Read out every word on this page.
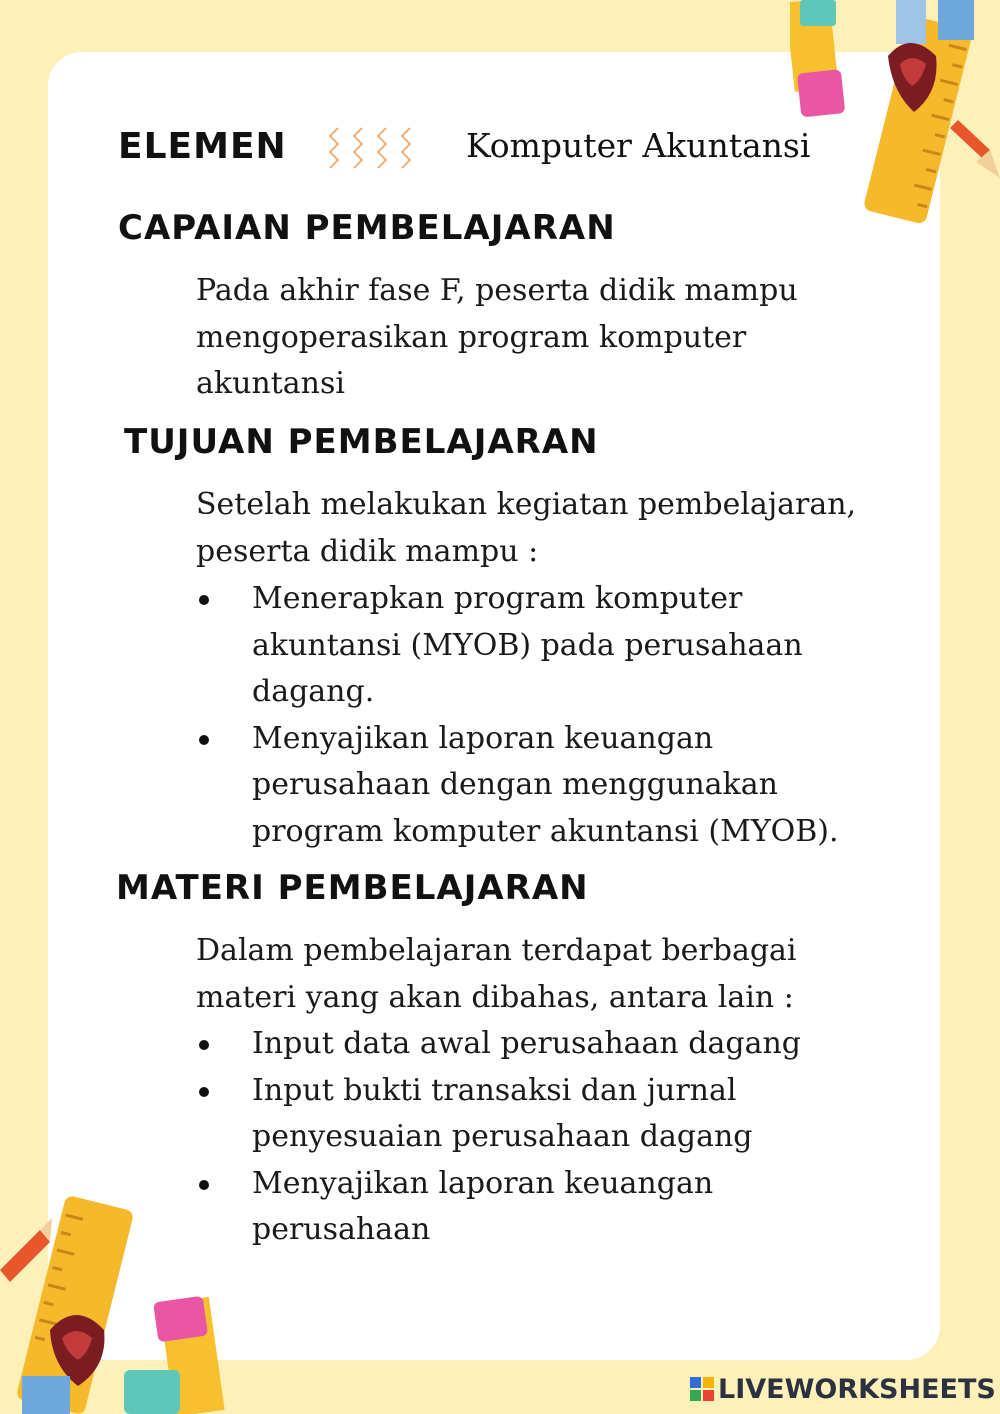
ELEMEN	Komputer Akuntansi
CAPAIAN PEMBELAJARAN

Pada akhir fase F, peserta didik mampu

mengoperasikan program komputer

akuntansi

TUJUAN PEMBELAJARAN

Setelah melakukan kegiatan pembelajaran,

peserta didik mampu :

Menerapkan program komputer
akuntansi (MYOB) pada perusahaan
dagang.
Menyajikan laporan keuangan
perusahaan dengan menggunakan
program komputer akuntansi (MYOB).
MATERI PEMBELAJARAN

Dalam pembelajaran terdapat berbagai

materi yang akan dibahas, antara lain :

Input data awal perusahaan dagang
Input bukti transaksi dan jurnal
penyesuaian perusahaan dagang
Menyajikan laporan keuangan
perusahaan
LIVEWORKSHEETS
